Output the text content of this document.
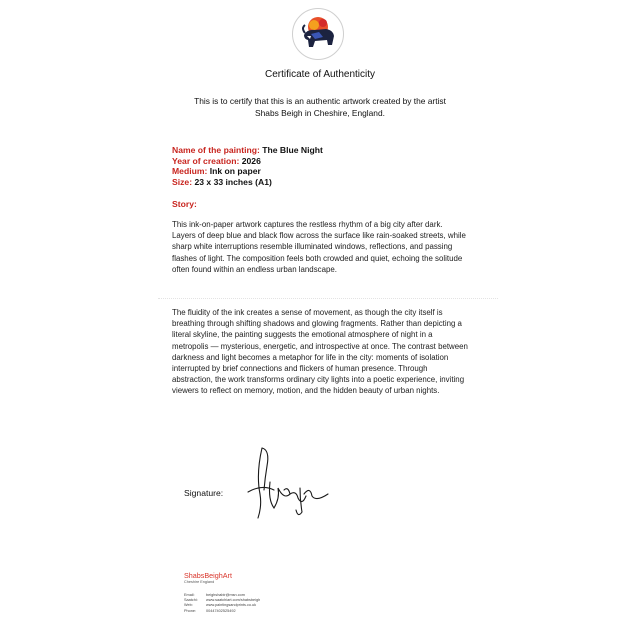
Certificate of Authenticity
This is to certify that this is an authentic artwork created by the artist
Shabs Beigh in Cheshire, England.
Name of the painting: The Blue Night
Year of creation: 2026
Medium: Ink on paper
Size: 23 x 33 inches (A1)
Story:
This ink-on-paper artwork captures the restless rhythm of a big city after dark. Layers of deep blue and black flow across the surface like rain-soaked streets, while sharp white interruptions resemble illuminated windows, reflections, and passing flashes of light. The composition feels both crowded and quiet, echoing the solitude often found within an endless urban landscape.
The fluidity of the ink creates a sense of movement, as though the city itself is breathing through shifting shadows and glowing fragments. Rather than depicting a literal skyline, the painting suggests the emotional atmosphere of night in a metropolis — mysterious, energetic, and introspective at once. The contrast between darkness and light becomes a metaphor for life in the city: moments of isolation interrupted by brief connections and flickers of human presence. Through abstraction, the work transforms ordinary city lights into a poetic experience, inviting viewers to reflect on memory, motion, and the hidden beauty of urban nights.
Signature:
ShabsBeighArt
Cheshire England
Email:	beighshabir@msn.com
Saatchi: www.saatchiart.com/shabsbeigh
Web:	www.paintingsandprints.co.uk
Phone:	00447402525492
